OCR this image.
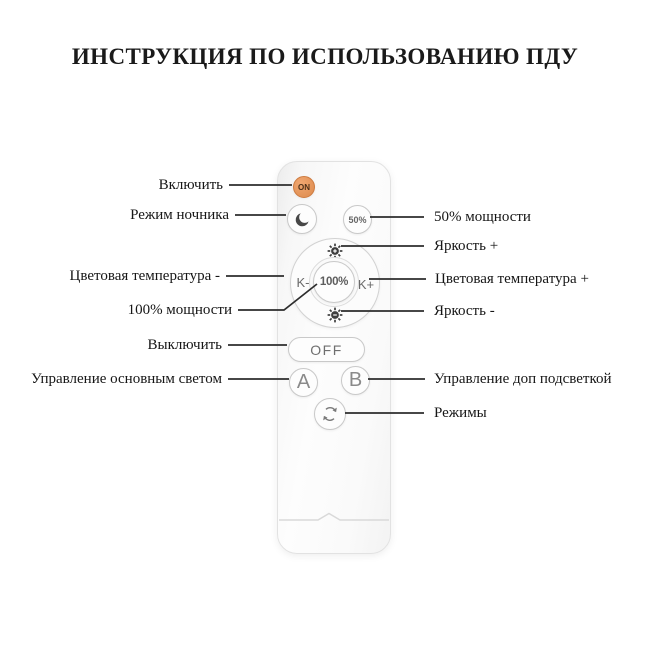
ИНСТРУКЦИЯ ПО ИСПОЛЬЗОВАНИЮ ПДУ
ON
50%
K- 100% K+
OFF
A	B
Включить
Режим ночника
Цветовая температура -
100% мощности
Выключить
Управление основным светом
50% мощности
Яркость +
Цветовая температура +
Яркость -
Управление доп подсветкой
Режимы
